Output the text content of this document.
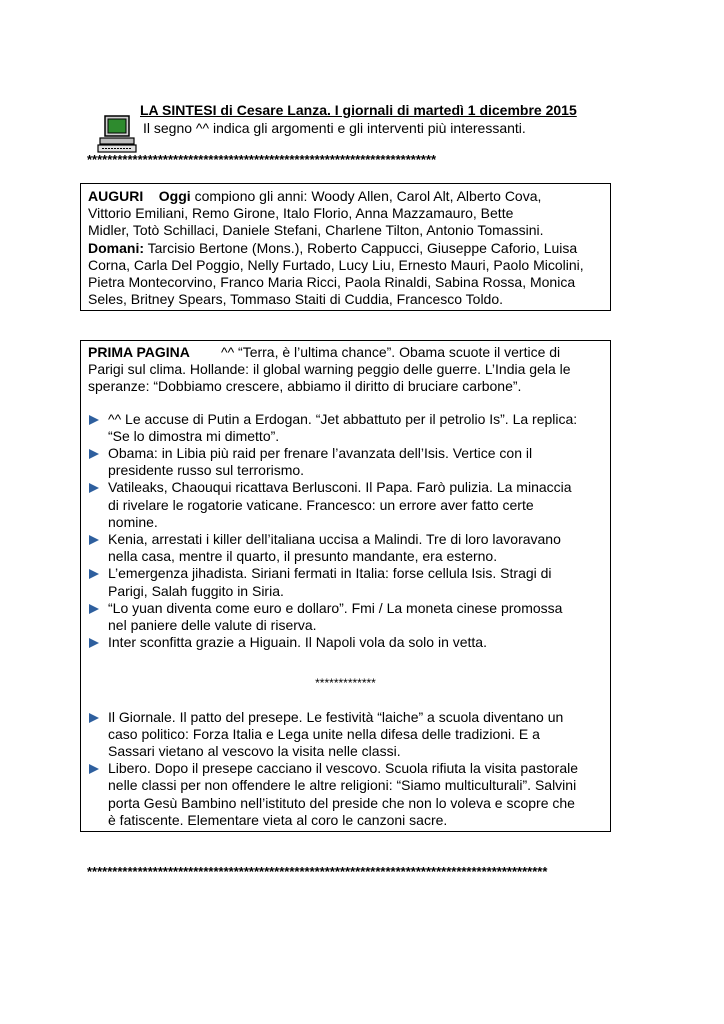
LA SINTESI di Cesare Lanza. I giornali di martedì 1 dicembre 2015
Il segno ^^ indica gli argomenti e gli interventi più interessanti.
*********************************************************************
AUGURI Oggi compiono gli anni: Woody Allen, Carol Alt, Alberto Cova,
Vittorio Emiliani, Remo Girone, Italo Florio, Anna Mazzamauro, Bette
Midler, Totò Schillaci, Daniele Stefani, Charlene Tilton, Antonio Tomassini.
Domani: Tarcisio Bertone (Mons.), Roberto Cappucci, Giuseppe Caforio, Luisa
Corna, Carla Del Poggio, Nelly Furtado, Lucy Liu, Ernesto Mauri, Paolo Micolini,
Pietra Montecorvino, Franco Maria Ricci, Paola Rinaldi, Sabina Rossa, Monica
Seles, Britney Spears, Tommaso Staiti di Cuddia, Francesco Toldo.
PRIMA PAGINA        ^^ “Terra, è l’ultima chance”. Obama scuote il vertice di
Parigi sul clima. Hollande: il global warning peggio delle guerre. L’India gela le
speranze: “Dobbiamo crescere, abbiamo il diritto di bruciare carbone”.
^^ Le accuse di Putin a Erdogan. “Jet abbattuto per il petrolio Is”. La replica:
“Se lo dimostra mi dimetto”.
Obama: in Libia più raid per frenare l’avanzata dell’Isis. Vertice con il
presidente russo sul terrorismo.
Vatileaks, Chaouqui ricattava Berlusconi. Il Papa. Farò pulizia. La minaccia
di rivelare le rogatorie vaticane. Francesco: un errore aver fatto certe
nomine.
Kenia, arrestati i killer dell’italiana uccisa a Malindi. Tre di loro lavoravano
nella casa, mentre il quarto, il presunto mandante, era esterno.
L’emergenza jihadista. Siriani fermati in Italia: forse cellula Isis. Stragi di
Parigi, Salah fuggito in Siria.
“Lo yuan diventa come euro e dollaro”. Fmi / La moneta cinese promossa
nel paniere delle valute di riserva.
Inter sconfitta grazie a Higuain. Il Napoli vola da solo in vetta.
*************
Il Giornale. Il patto del presepe. Le festività “laiche” a scuola diventano un
caso politico: Forza Italia e Lega unite nella difesa delle tradizioni. E a
Sassari vietano al vescovo la visita nelle classi.
Libero. Dopo il presepe cacciano il vescovo. Scuola rifiuta la visita pastorale
nelle classi per non offendere le altre religioni: “Siamo multiculturali”. Salvini
porta Gesù Bambino nell’istituto del preside che non lo voleva e scopre che
è fatiscente. Elementare vieta al coro le canzoni sacre.
*******************************************************************************************
